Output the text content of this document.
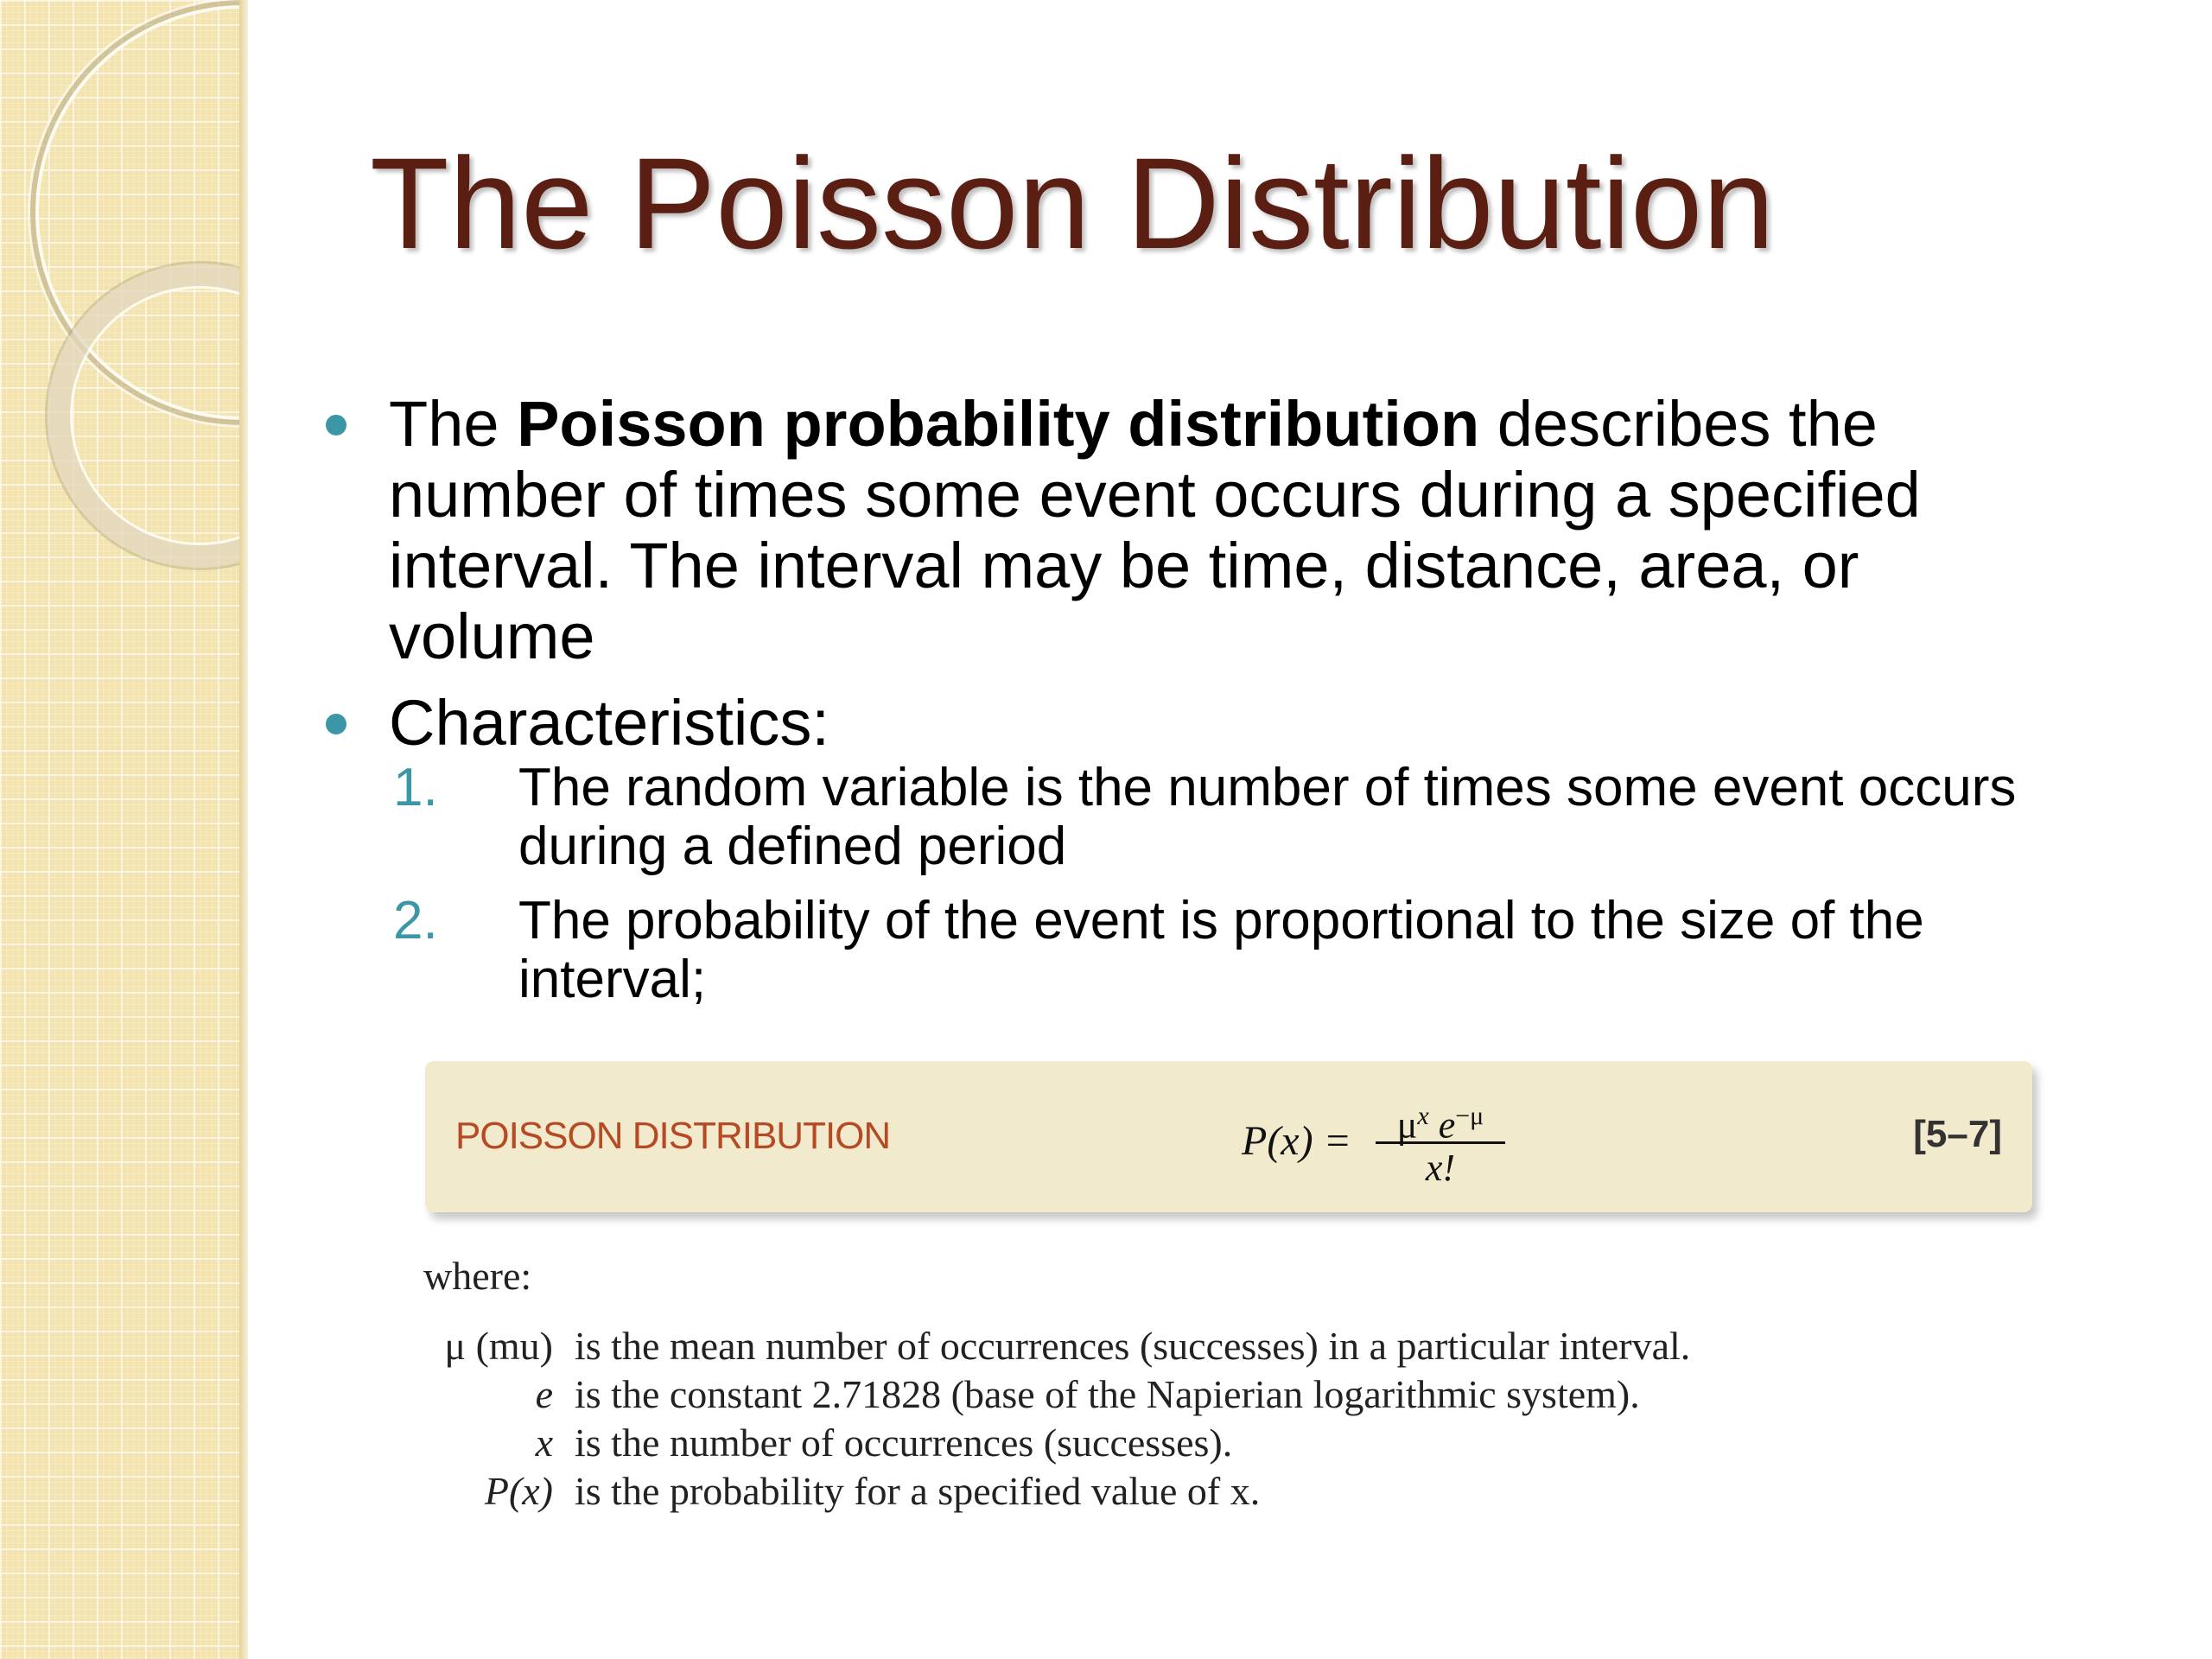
The Poisson Distribution
The Poisson probability distribution describes the number of times some event occurs during a specified interval. The interval may be time, distance, area, or volume
Characteristics:
1. The random variable is the number of times some event occurs during a defined period
2. The probability of the event is proportional to the size of the interval;
POISSON DISTRIBUTION	$P(x) = \frac{\mu^x e^{-\mu}}{x!}$	[5–7]
where:
μ (mu) is the mean number of occurrences (successes) in a particular interval.
e is the constant 2.71828 (base of the Napierian logarithmic system).
x is the number of occurrences (successes).
P(x) is the probability for a specified value of x.
